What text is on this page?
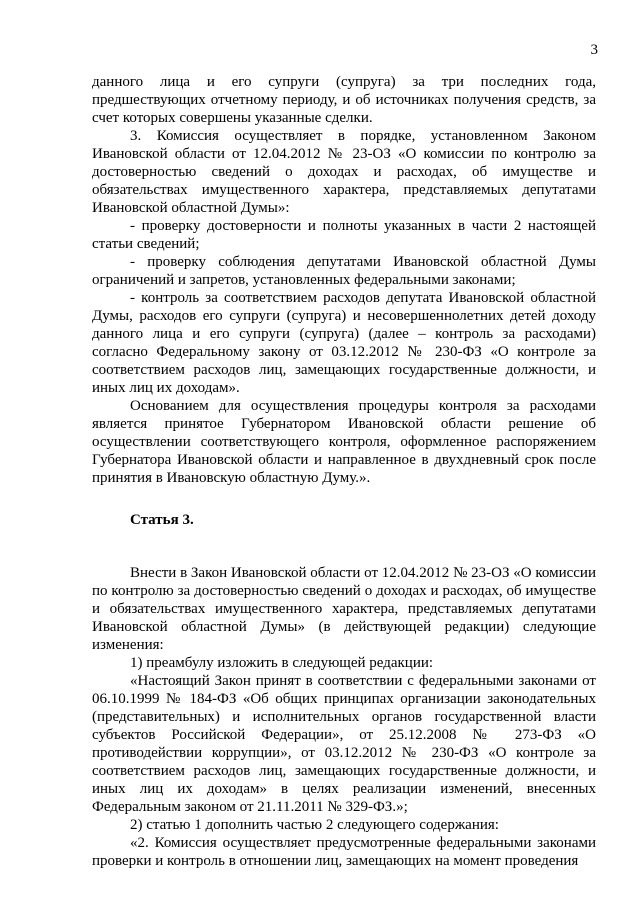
3

данного лица и его супруги (супруга) за три последних года, предшествующих отчетному периоду, и об источниках получения средств, за счет которых совершены указанные сделки.

3. Комиссия осуществляет в порядке, установленном Законом Ивановской области от 12.04.2012 № 23-ОЗ «О комиссии по контролю за достоверностью сведений о доходах и расходах, об имуществе и обязательствах имущественного характера, представляемых депутатами Ивановской областной Думы»:

- проверку достоверности и полноты указанных в части 2 настоящей статьи сведений;

- проверку соблюдения депутатами Ивановской областной Думы ограничений и запретов, установленных федеральными законами;

- контроль за соответствием расходов депутата Ивановской областной Думы, расходов его супруги (супруга) и несовершеннолетних детей доходу данного лица и его супруги (супруга) (далее – контроль за расходами) согласно Федеральному закону от 03.12.2012 № 230-ФЗ «О контроле за соответствием расходов лиц, замещающих государственные должности, и иных лиц их доходам».

Основанием для осуществления процедуры контроля за расходами является принятое Губернатором Ивановской области решение об осуществлении соответствующего контроля, оформленное распоряжением Губернатора Ивановской области и направленное в двухдневный срок после принятия в Ивановскую областную Думу.».

Статья 3.

Внести в Закон Ивановской области от 12.04.2012 № 23-ОЗ «О комиссии по контролю за достоверностью сведений о доходах и расходах, об имуществе и обязательствах имущественного характера, представляемых депутатами Ивановской областной Думы» (в действующей редакции) следующие изменения:

1) преамбулу изложить в следующей редакции:

«Настоящий Закон принят в соответствии с федеральными законами от 06.10.1999 № 184-ФЗ «Об общих принципах организации законодательных (представительных) и исполнительных органов государственной власти субъектов Российской Федерации», от 25.12.2008 № 273-ФЗ «О противодействии коррупции», от 03.12.2012 № 230-ФЗ «О контроле за соответствием расходов лиц, замещающих государственные должности, и иных лиц их доходам» в целях реализации изменений, внесенных Федеральным законом от 21.11.2011 № 329-ФЗ.»;

2) статью 1 дополнить частью 2 следующего содержания:

«2. Комиссия осуществляет предусмотренные федеральными законами проверки и контроль в отношении лиц, замещающих на момент проведения
